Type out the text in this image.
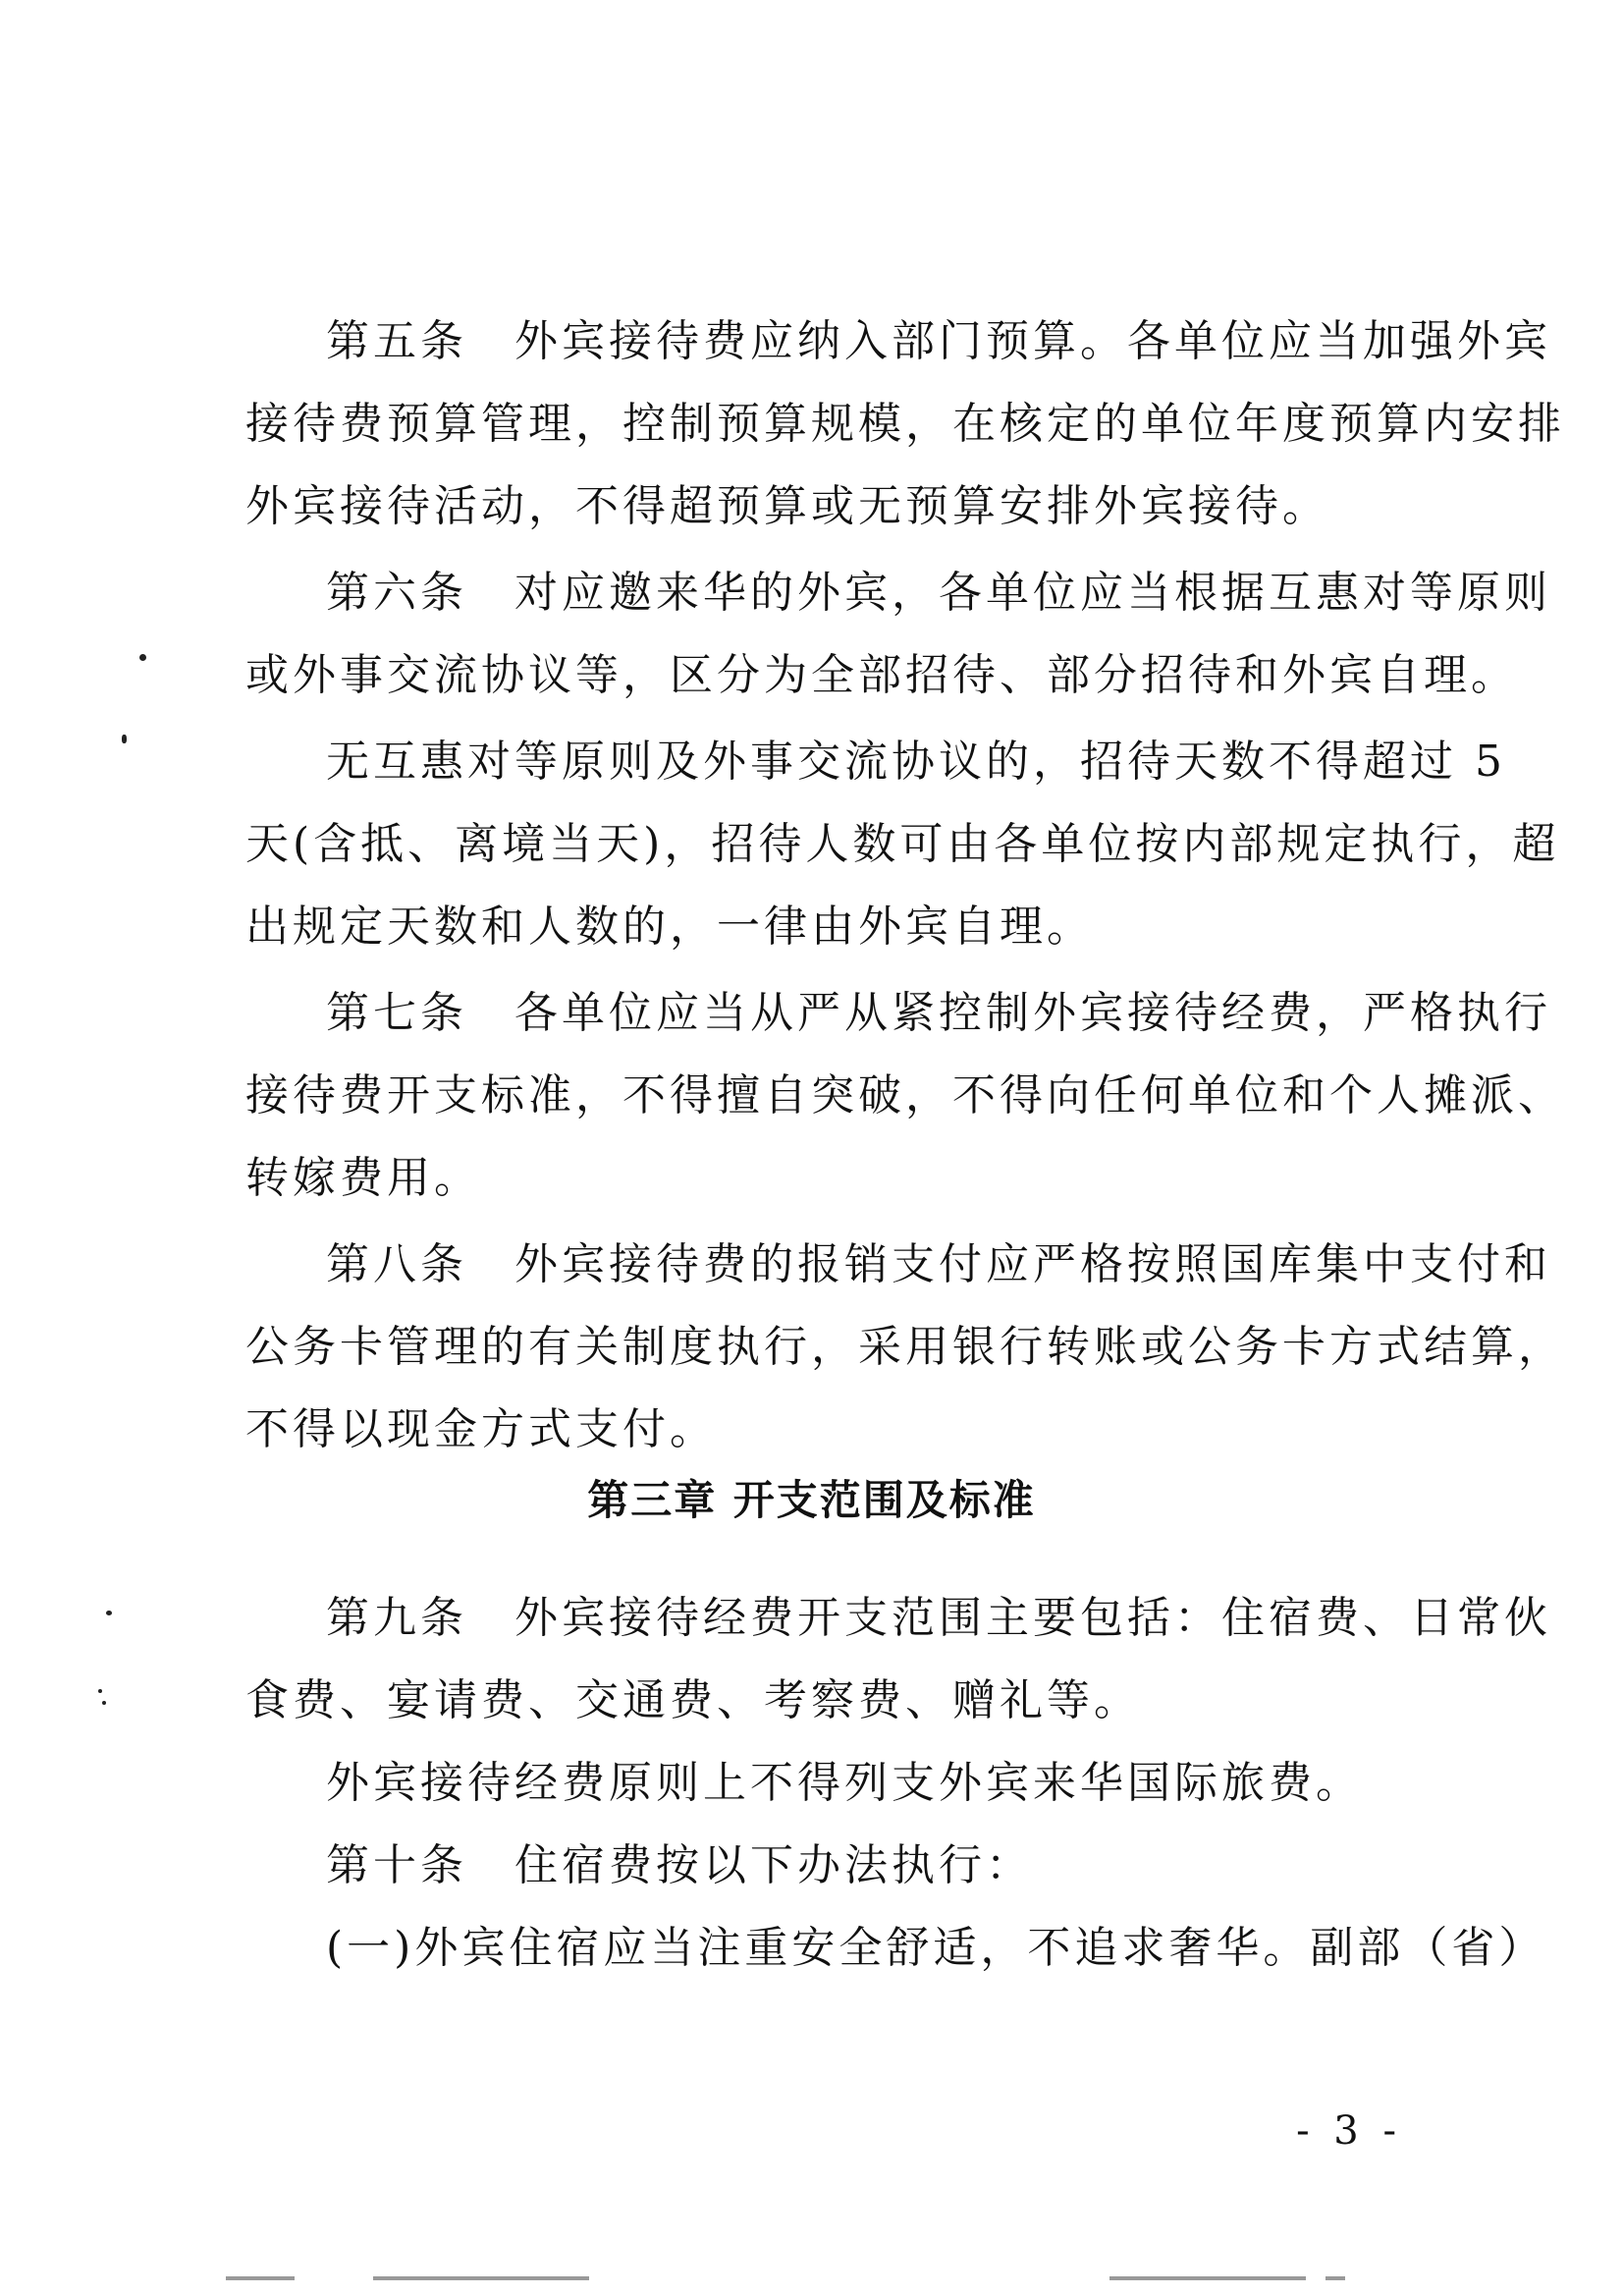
第五条　外宾接待费应纳入部门预算。各单位应当加强外宾
接待费预算管理，控制预算规模，在核定的单位年度预算内安排
外宾接待活动，不得超预算或无预算安排外宾接待。
第六条　对应邀来华的外宾，各单位应当根据互惠对等原则
或外事交流协议等，区分为全部招待、部分招待和外宾自理。
无互惠对等原则及外事交流协议的，招待天数不得超过 5
天(含抵、离境当天)，招待人数可由各单位按内部规定执行，超
出规定天数和人数的，一律由外宾自理。
第七条　各单位应当从严从紧控制外宾接待经费，严格执行
接待费开支标准，不得擅自突破，不得向任何单位和个人摊派、
转嫁费用。
第八条　外宾接待费的报销支付应严格按照国库集中支付和
公务卡管理的有关制度执行，采用银行转账或公务卡方式结算，
不得以现金方式支付。
第三章 开支范围及标准
第九条　外宾接待经费开支范围主要包括：住宿费、日常伙
食费、宴请费、交通费、考察费、赠礼等。
外宾接待经费原则上不得列支外宾来华国际旅费。
第十条　住宿费按以下办法执行：
(一)外宾住宿应当注重安全舒适，不追求奢华。副部（省）
- 3 -
